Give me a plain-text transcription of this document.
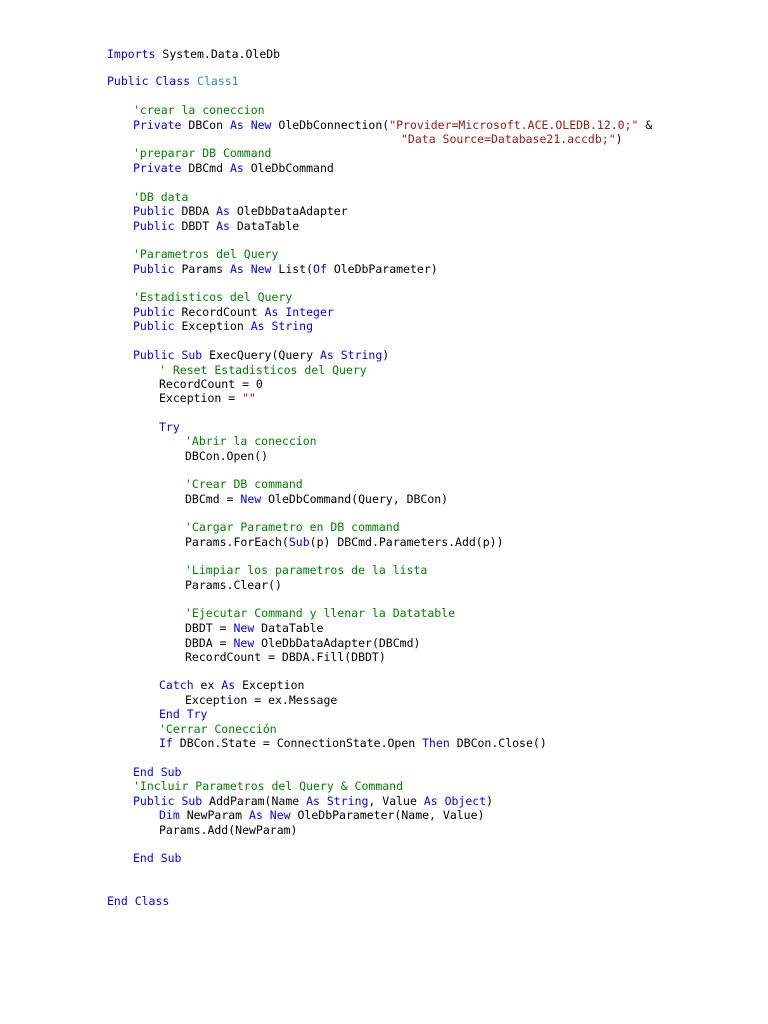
Imports System.Data.OleDb
Public Class Class1
'crear la coneccion
Private DBCon As New OleDbConnection("Provider=Microsoft.ACE.OLEDB.12.0;" &
"Data Source=Database21.accdb;")
'preparar DB Command
Private DBCmd As OleDbCommand
'DB data
Public DBDA As OleDbDataAdapter
Public DBDT As DataTable
'Parametros del Query
Public Params As New List(Of OleDbParameter)
'Estadisticos del Query
Public RecordCount As Integer
Public Exception As String
Public Sub ExecQuery(Query As String)
' Reset Estadisticos del Query
RecordCount = 0
Exception = ""
Try
'Abrir la coneccion
DBCon.Open()
'Crear DB command
DBCmd = New OleDbCommand(Query, DBCon)
'Cargar Parametro en DB command
Params.ForEach(Sub(p) DBCmd.Parameters.Add(p))
'Limpiar los parametros de la lista
Params.Clear()
'Ejecutar Command y llenar la Datatable
DBDT = New DataTable
DBDA = New OleDbDataAdapter(DBCmd)
RecordCount = DBDA.Fill(DBDT)
Catch ex As Exception
Exception = ex.Message
End Try
'Cerrar Conección
If DBCon.State = ConnectionState.Open Then DBCon.Close()
End Sub
'Incluir Parametros del Query & Command
Public Sub AddParam(Name As String, Value As Object)
Dim NewParam As New OleDbParameter(Name, Value)
Params.Add(NewParam)
End Sub
End Class
